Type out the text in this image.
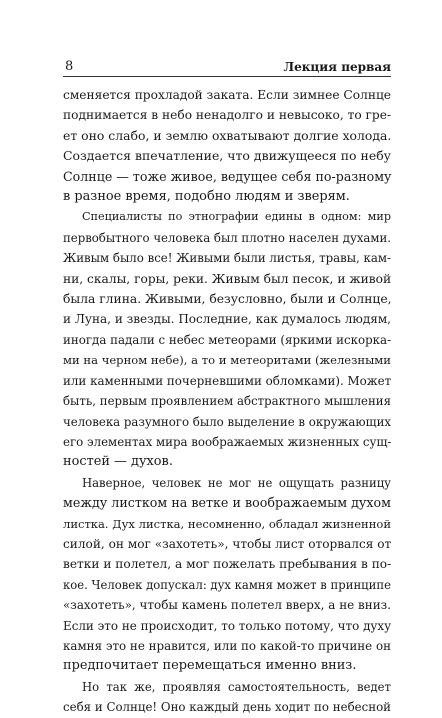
8	Лекция первая

сменяется прохладой заката. Если зимнее Солнце
поднимается в небо ненадолго и невысоко, то гре-
ет оно слабо, и землю охватывают долгие холода.
Создается впечатление, что движущееся по небу
Солнце — тоже живое, ведущее себя по-разному
в разное время, подобно людям и зверям.

Специалисты по этнографии едины в одном: мир
первобытного человека был плотно населен духами.
Живым было все! Живыми были листья, травы, кам-
ни, скалы, горы, реки. Живым был песок, и живой
была глина. Живыми, безусловно, были и Солнце,
и Луна, и звезды. Последние, как думалось людям,
иногда падали с небес метеорами (яркими искорка-
ми на черном небе), а то и метеоритами (железными
или каменными почерневшими обломками). Может
быть, первым проявлением абстрактного мышления
человека разумного было выделение в окружающих
его элементах мира воображаемых жизненных сущ-
ностей — духов.

Наверное, человек не мог не ощущать разницу
между листком на ветке и воображаемым духом
листка. Дух листка, несомненно, обладал жизненной
силой, он мог «захотеть», чтобы лист оторвался от
ветки и полетел, а мог пожелать пребывания в по-
кое. Человек допускал: дух камня может в принципе
«захотеть», чтобы камень полетел вверх, а не вниз.
Если это не происходит, то только потому, что духу
камня это не нравится, или по какой-то причине он
предпочитает перемещаться именно вниз.

Но так же, проявляя самостоятельность, ведет
себя и Солнце! Оно каждый день ходит по небесной
